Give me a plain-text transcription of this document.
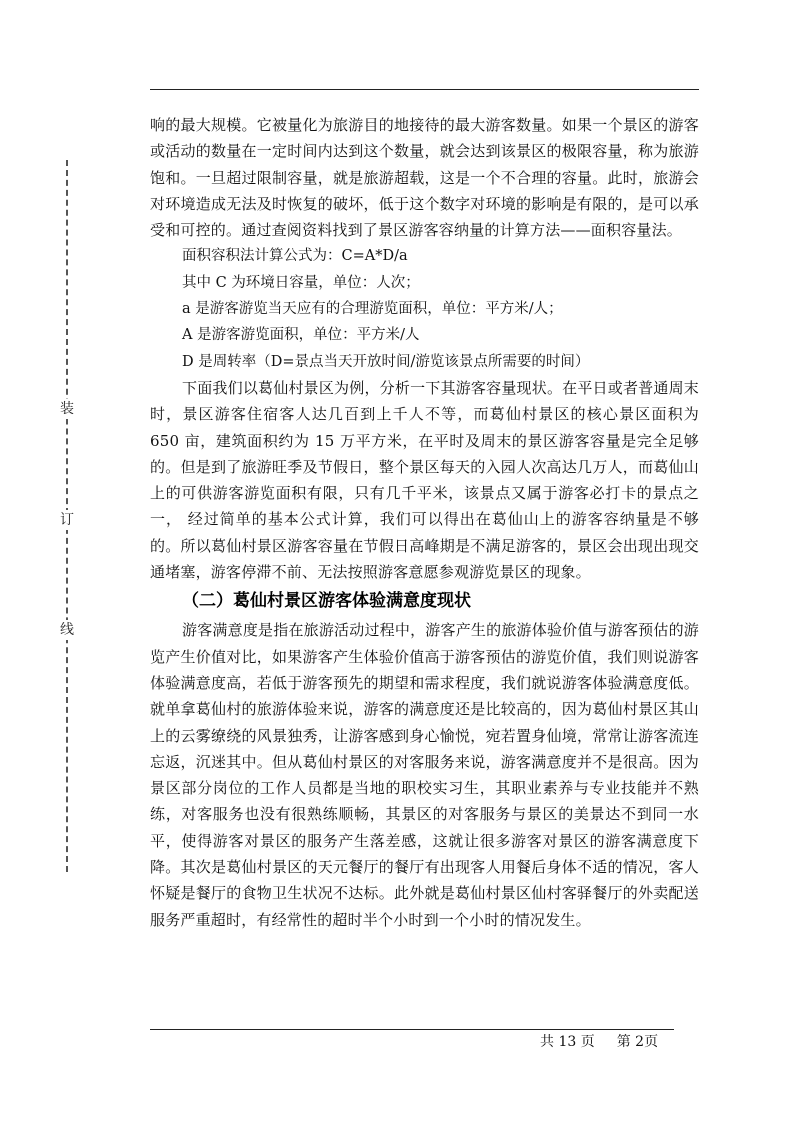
装
订
线

响的最大规模。它被量化为旅游目的地接待的最大游客数量。如果一个景区的游客或活动的数量在一定时间内达到这个数量，就会达到该景区的极限容量，称为旅游饱和。一旦超过限制容量，就是旅游超载，这是一个不合理的容量。此时，旅游会对环境造成无法及时恢复的破坏，低于这个数字对环境的影响是有限的，是可以承受和可控的。通过查阅资料找到了景区游客容纳量的计算方法——面积容量法。

面积容积法计算公式为：C=A*D/a

其中 C 为环境日容量，单位：人次；

a 是游客游览当天应有的合理游览面积，单位：平方米/人；

A 是游客游览面积，单位：平方米/人

D 是周转率（D=景点当天开放时间/游览该景点所需要的时间）

下面我们以葛仙村景区为例，分析一下其游客容量现状。在平日或者普通周末时，景区游客住宿客人达几百到上千人不等，而葛仙村景区的核心景区面积为 650 亩，建筑面积约为 15 万平方米，在平时及周末的景区游客容量是完全足够的。但是到了旅游旺季及节假日，整个景区每天的入园人次高达几万人，而葛仙山上的可供游客游览面积有限，只有几千平米，该景点又属于游客必打卡的景点之一， 经过简单的基本公式计算，我们可以得出在葛仙山上的游客容纳量是不够的。所以葛仙村景区游客容量在节假日高峰期是不满足游客的，景区会出现出现交通堵塞，游客停滞不前、无法按照游客意愿参观游览景区的现象。

（二）葛仙村景区游客体验满意度现状

游客满意度是指在旅游活动过程中，游客产生的旅游体验价值与游客预估的游览产生价值对比，如果游客产生体验价值高于游客预估的游览价值，我们则说游客体验满意度高，若低于游客预先的期望和需求程度，我们就说游客体验满意度低。就单拿葛仙村的旅游体验来说，游客的满意度还是比较高的，因为葛仙村景区其山上的云雾缭绕的风景独秀，让游客感到身心愉悦，宛若置身仙境，常常让游客流连忘返，沉迷其中。但从葛仙村景区的对客服务来说，游客满意度并不是很高。因为景区部分岗位的工作人员都是当地的职校实习生，其职业素养与专业技能并不熟练，对客服务也没有很熟练顺畅，其景区的对客服务与景区的美景达不到同一水平，使得游客对景区的服务产生落差感，这就让很多游客对景区的游客满意度下降。其次是葛仙村景区的天元餐厅的餐厅有出现客人用餐后身体不适的情况，客人怀疑是餐厅的食物卫生状况不达标。此外就是葛仙村景区仙村客驿餐厅的外卖配送服务严重超时，有经常性的超时半个小时到一个小时的情况发生。

共 13 页 第 2页
